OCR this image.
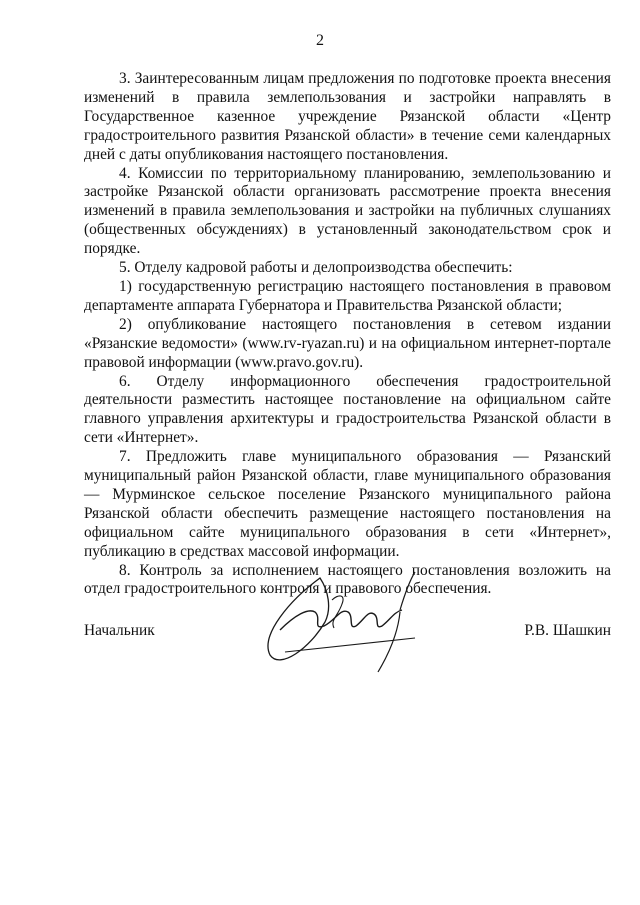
2

3. Заинтересованным лицам предложения по подготовке проекта внесения изменений в правила землепользования и застройки направлять в Государственное казенное учреждение Рязанской области «Центр градостроительного развития Рязанской области» в течение семи календарных дней с даты опубликования настоящего постановления.

4. Комиссии по территориальному планированию, землепользованию и застройке Рязанской области организовать рассмотрение проекта внесения изменений в правила землепользования и застройки на публичных слушаниях (общественных обсуждениях) в установленный законодательством срок и порядке.

5. Отделу кадровой работы и делопроизводства обеспечить:

1) государственную регистрацию настоящего постановления в правовом департаменте аппарата Губернатора и Правительства Рязанской области;

2) опубликование настоящего постановления в сетевом издании «Рязанские ведомости» (www.rv-ryazan.ru) и на официальном интернет-портале правовой информации (www.pravo.gov.ru).

6. Отделу информационного обеспечения градостроительной деятельности разместить настоящее постановление на официальном сайте главного управления архитектуры и градостроительства Рязанской области в сети «Интернет».

7. Предложить главе муниципального образования — Рязанский муниципальный район Рязанской области, главе муниципального образования — Мурминское сельское поселение Рязанского муниципального района Рязанской области обеспечить размещение настоящего постановления на официальном сайте муниципального образования в сети «Интернет», публикацию в средствах массовой информации.

8. Контроль за исполнением настоящего постановления возложить на отдел градостроительного контроля и правового обеспечения.

Начальник	Р.В. Шашкин
